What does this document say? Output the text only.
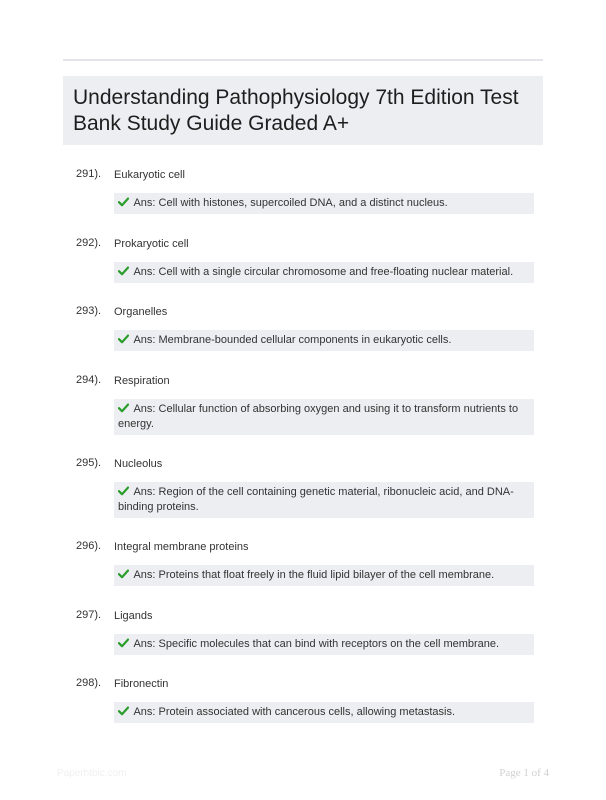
Understanding Pathophysiology 7th Edition Test Bank Study Guide Graded A+
291). Eukaryotic cell
Ans: Cell with histones, supercoiled DNA, and a distinct nucleus.
292). Prokaryotic cell
Ans: Cell with a single circular chromosome and free-floating nuclear material.
293). Organelles
Ans: Membrane-bounded cellular components in eukaryotic cells.
294). Respiration
Ans: Cellular function of absorbing oxygen and using it to transform nutrients to energy.
295). Nucleolus
Ans: Region of the cell containing genetic material, ribonucleic acid, and DNA-binding proteins.
296). Integral membrane proteins
Ans: Proteins that float freely in the fluid lipid bilayer of the cell membrane.
297). Ligands
Ans: Specific molecules that can bind with receptors on the cell membrane.
298). Fibronectin
Ans: Protein associated with cancerous cells, allowing metastasis.
Paperhtbic.com	Page 1 of 4
